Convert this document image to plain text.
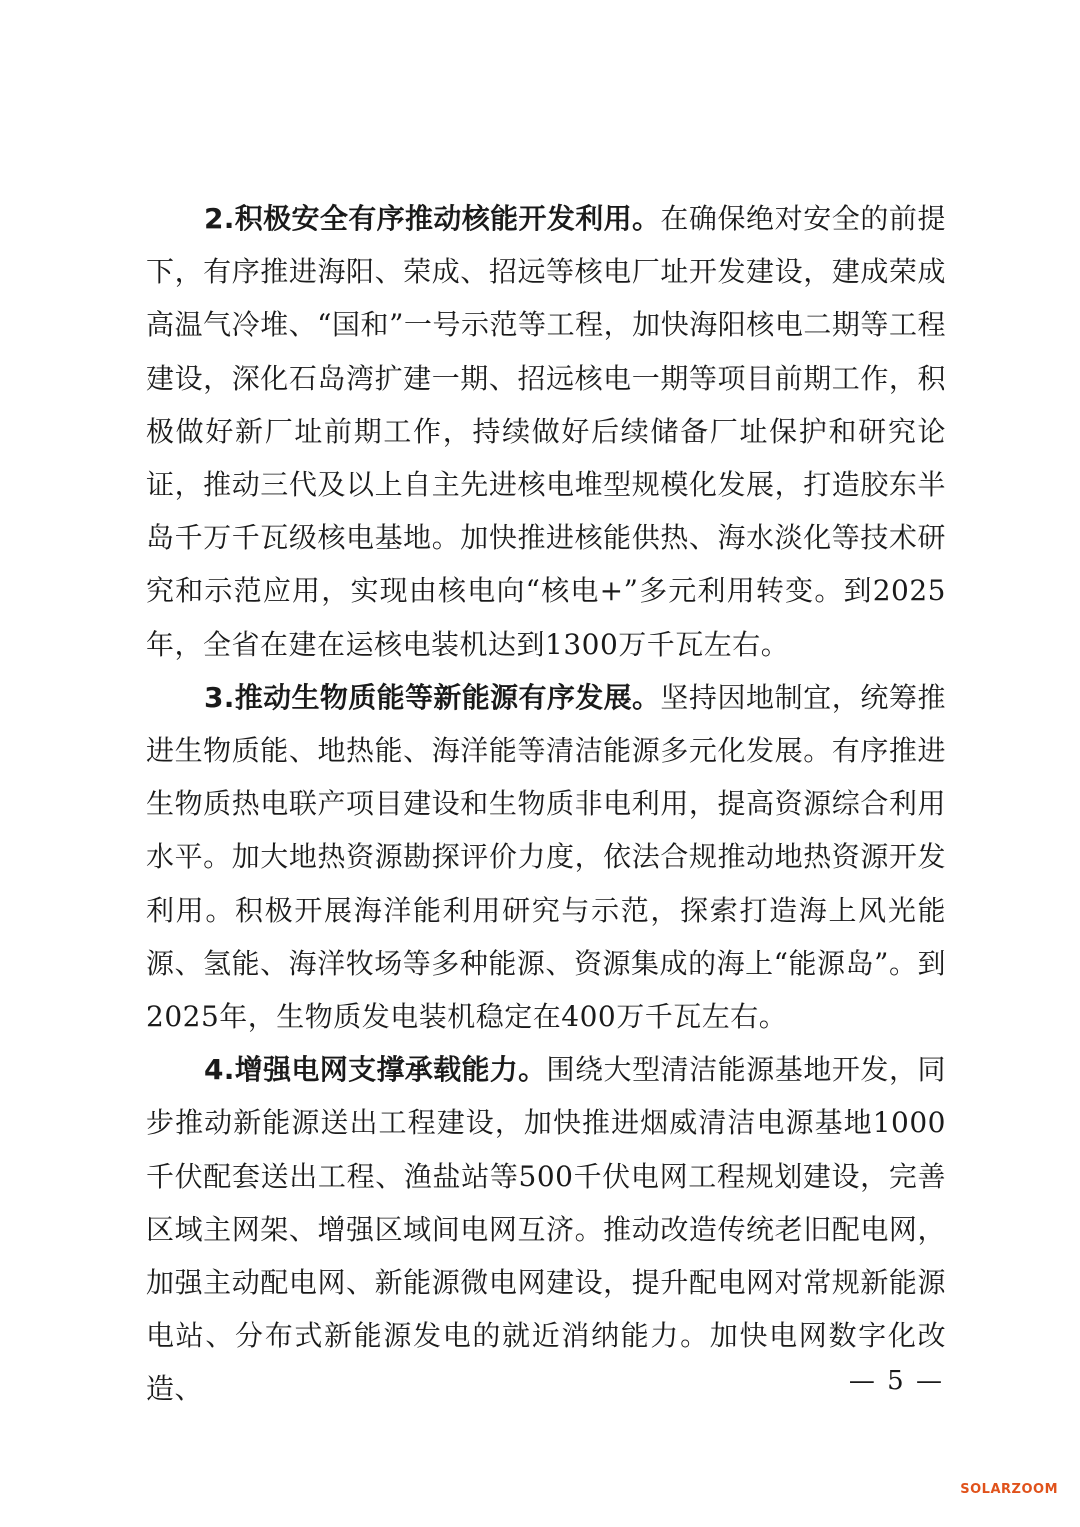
2.积极安全有序推动核能开发利用。在确保绝对安全的前提下，有序推进海阳、荣成、招远等核电厂址开发建设，建成荣成高温气冷堆、“国和”一号示范等工程，加快海阳核电二期等工程建设，深化石岛湾扩建一期、招远核电一期等项目前期工作，积极做好新厂址前期工作，持续做好后续储备厂址保护和研究论证，推动三代及以上自主先进核电堆型规模化发展，打造胶东半岛千万千瓦级核电基地。加快推进核能供热、海水淡化等技术研究和示范应用，实现由核电向“核电+”多元利用转变。到2025年，全省在建在运核电装机达到1300万千瓦左右。

3.推动生物质能等新能源有序发展。坚持因地制宜，统筹推进生物质能、地热能、海洋能等清洁能源多元化发展。有序推进生物质热电联产项目建设和生物质非电利用，提高资源综合利用水平。加大地热资源勘探评价力度，依法合规推动地热资源开发利用。积极开展海洋能利用研究与示范，探索打造海上风光能源、氢能、海洋牧场等多种能源、资源集成的海上“能源岛”。到2025年，生物质发电装机稳定在400万千瓦左右。

4.增强电网支撑承载能力。围绕大型清洁能源基地开发，同步推动新能源送出工程建设，加快推进烟威清洁电源基地1000千伏配套送出工程、渔盐站等500千伏电网工程规划建设，完善区域主网架、增强区域间电网互济。推动改造传统老旧配电网，加强主动配电网、新能源微电网建设，提升配电网对常规新能源电站、分布式新能源发电的就近消纳能力。加快电网数字化改造、	— 5 —
SOLARZOOM
